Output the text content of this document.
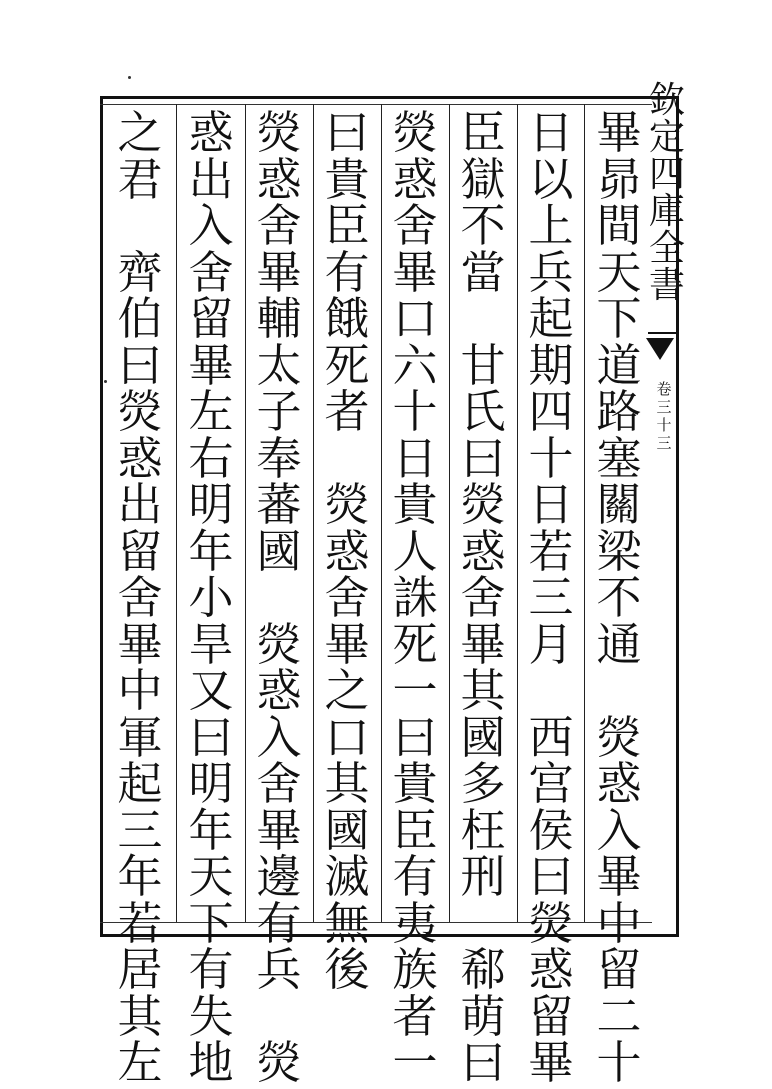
欽
定
四
庫
全
書
卷
三
十
三
畢
昴
間
天
下
道
路
塞
關
梁
不
通

熒
惑
入
畢
中
留
二
十
日
以
上
兵
起
期
四
十
日
若
三
月

西
宫
侯
曰
熒
惑
留
畢
臣
獄
不
當

甘
氏
曰
熒
惑
舍
畢
其
國
多
枉
刑

郗
萌
曰
熒
惑
舍
畢
口
六
十
日
貴
人
誅
死
一
曰
貴
臣
有
夷
族
者
一
曰
貴
臣
有
餓
死
者

熒
惑
舍
畢
之
口
其
國
滅
無
後
熒
惑
舍
畢
輔
太
子
奉
蕃
國

熒
惑
入
舍
畢
邊
有
兵

熒
惑
出
入
舍
留
畢
左
右
明
年
小
旱
又
曰
明
年
天
下
有
失
地
之
君

齊
伯
曰
熒
惑
出
留
舍
畢
中
軍
起
三
年
若
居
其
左
